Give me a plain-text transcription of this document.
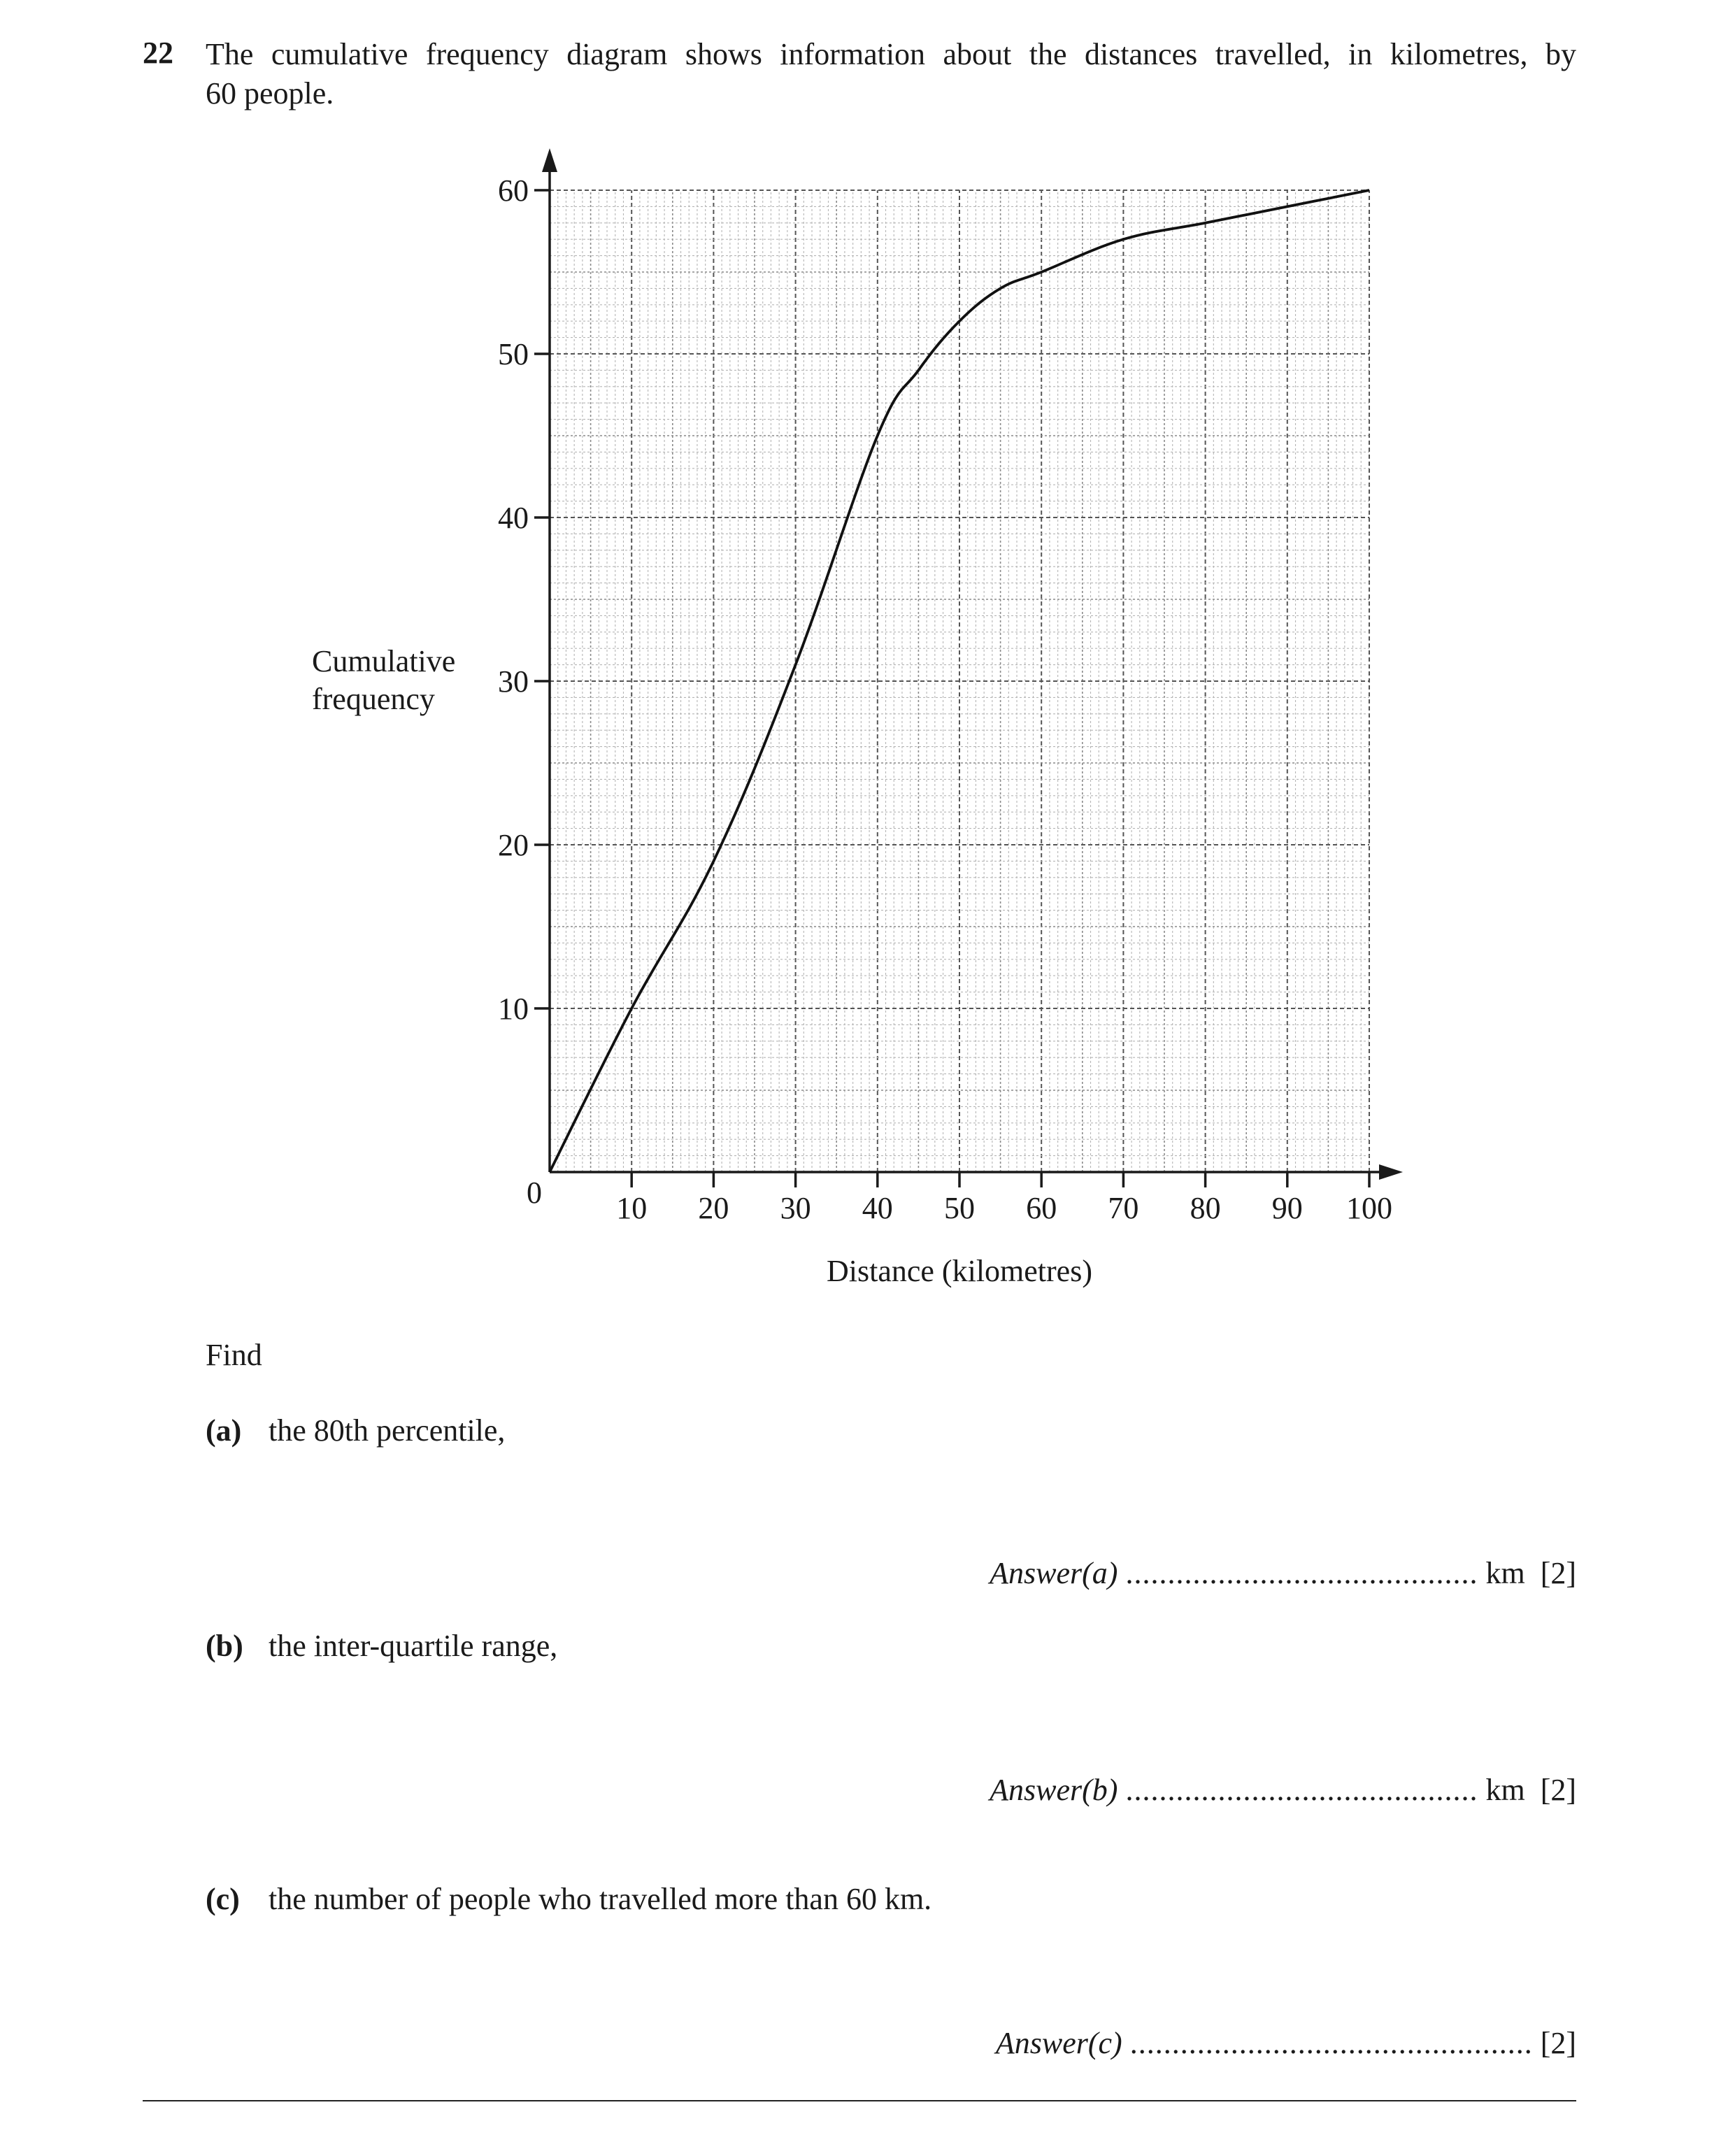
22 The cumulative frequency diagram shows information about the distances travelled, in kilometres, by
60 people.
10
20
30
40
50
60
10 20 30 40 50 60 70 80 90 100
0
Distance (kilometres)
Cumulative
frequency
Find
(a) the 80th percentile,
Answer(a) .......................................... km [2]
(b) the inter-quartile range,
Answer(b) .......................................... km [2]
(c) the number of people who travelled more than 60 km.
Answer(c) ................................................ [2]
